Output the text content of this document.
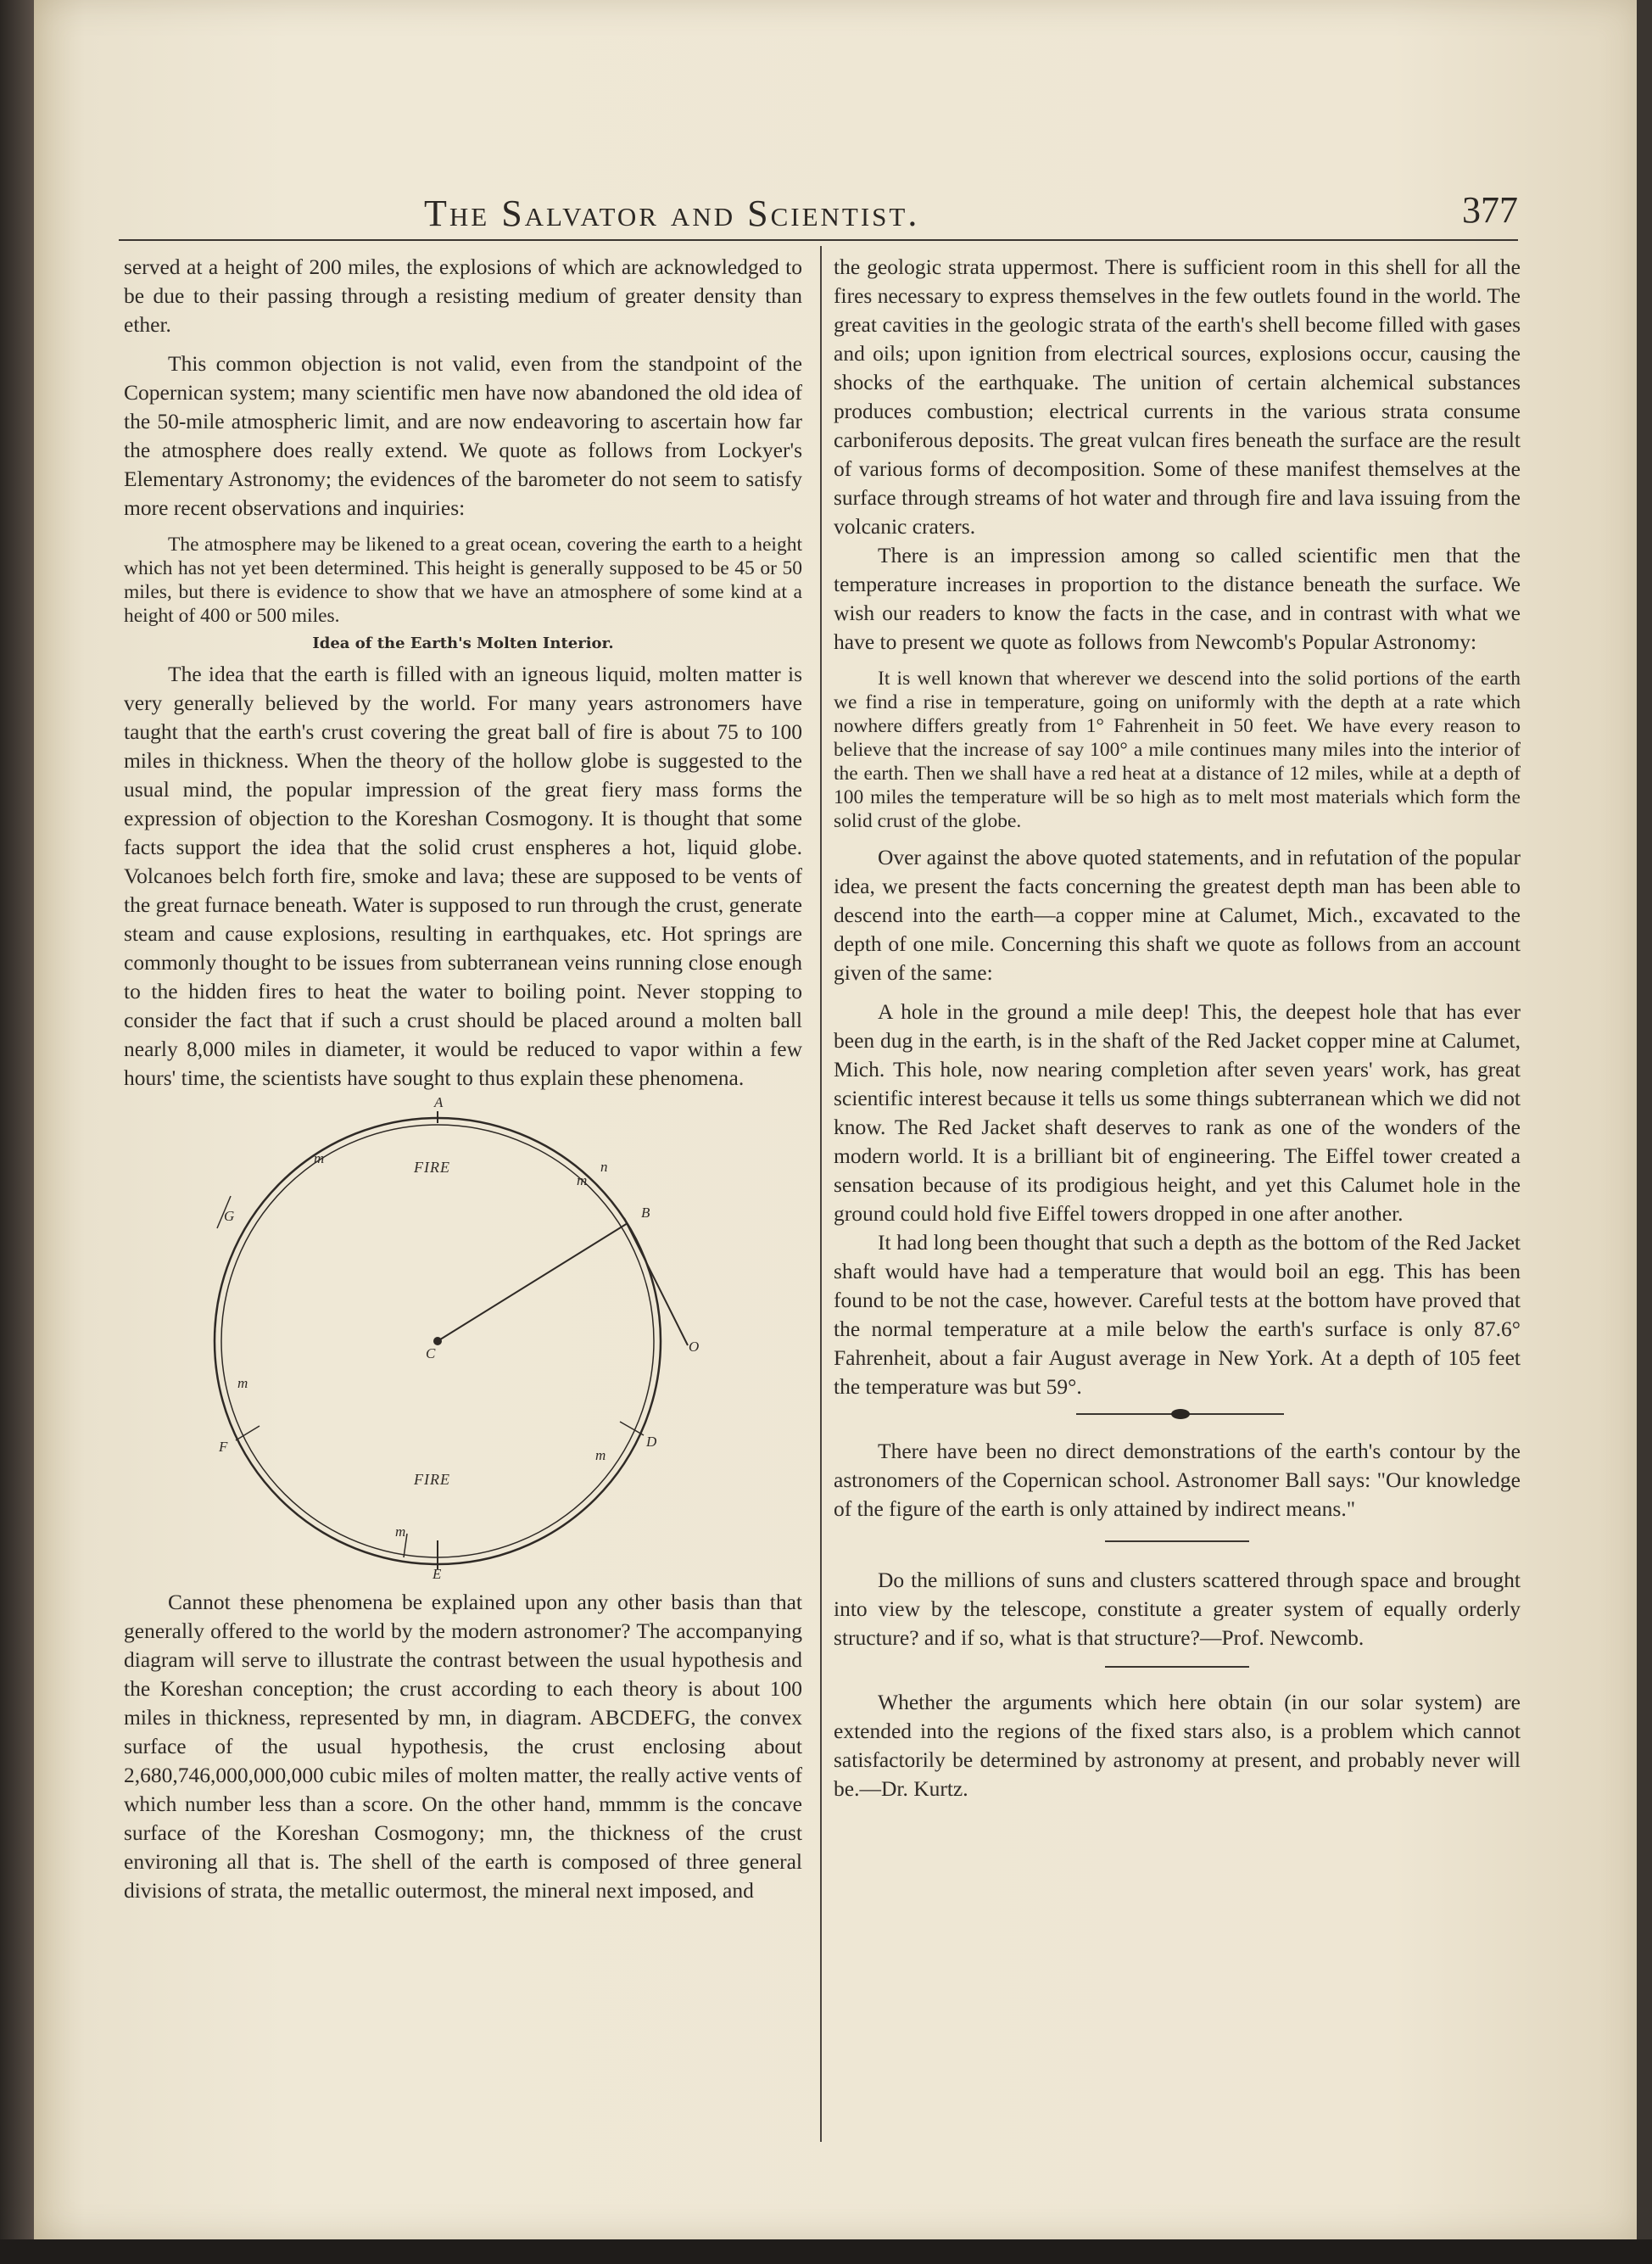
The Salvator and Scientist.	377

served at a height of 200 miles, the explosions of which are acknowledged to be due to their passing through a resisting medium of greater density than ether.

This common objection is not valid, even from the standpoint of the Copernican system; many scientific men have now abandoned the old idea of the 50-mile atmospheric limit, and are now endeavoring to ascertain how far the atmosphere does really extend. We quote as follows from Lockyer's Elementary Astronomy; the evidences of the barometer do not seem to satisfy more recent observations and inquiries:

The atmosphere may be likened to a great ocean, covering the earth to a height which has not yet been determined. This height is generally supposed to be 45 or 50 miles, but there is evidence to show that we have an atmosphere of some kind at a height of 400 or 500 miles.

Idea of the Earth's Molten Interior.

The idea that the earth is filled with an igneous liquid, molten matter is very generally believed by the world. For many years astronomers have taught that the earth's crust covering the great ball of fire is about 75 to 100 miles in thickness. When the theory of the hollow globe is suggested to the usual mind, the popular impression of the great fiery mass forms the expression of objection to the Koreshan Cosmogony. It is thought that some facts support the idea that the solid crust enspheres a hot, liquid globe. Volcanoes belch forth fire, smoke and lava; these are supposed to be vents of the great furnace beneath. Water is supposed to run through the crust, generate steam and cause explosions, resulting in earthquakes, etc. Hot springs are commonly thought to be issues from subterranean veins running close enough to the hidden fires to heat the water to boiling point. Never stopping to consider the fact that if such a crust should be placed around a molten ball nearly 8,000 miles in diameter, it would be reduced to vapor within a few hours' time, the scientists have sought to thus explain these phenomena.

A
B
C
D
E
F
G
O
m
n
m
m
m
m
FIRE
FIRE

Cannot these phenomena be explained upon any other basis than that generally offered to the world by the modern astronomer? The accompanying diagram will serve to illustrate the contrast between the usual hypothesis and the Koreshan conception; the crust according to each theory is about 100 miles in thickness, represented by mn, in diagram. ABCDEFG, the convex surface of the usual hypothesis, the crust enclosing about 2,680,746,000,000,000 cubic miles of molten matter, the really active vents of which number less than a score. On the other hand, mmmm is the concave surface of the Koreshan Cosmogony; mn, the thickness of the crust environing all that is. The shell of the earth is composed of three general divisions of strata, the metallic outermost, the mineral next imposed, and

the geologic strata uppermost. There is sufficient room in this shell for all the fires necessary to express themselves in the few outlets found in the world. The great cavities in the geologic strata of the earth's shell become filled with gases and oils; upon ignition from electrical sources, explosions occur, causing the shocks of the earthquake. The unition of certain alchemical substances produces combustion; electrical currents in the various strata consume carboniferous deposits. The great vulcan fires beneath the surface are the result of various forms of decomposition. Some of these manifest themselves at the surface through streams of hot water and through fire and lava issuing from the volcanic craters.

There is an impression among so called scientific men that the temperature increases in proportion to the distance beneath the surface. We wish our readers to know the facts in the case, and in contrast with what we have to present we quote as follows from Newcomb's Popular Astronomy:

It is well known that wherever we descend into the solid portions of the earth we find a rise in temperature, going on uniformly with the depth at a rate which nowhere differs greatly from 1° Fahrenheit in 50 feet. We have every reason to believe that the increase of say 100° a mile continues many miles into the interior of the earth. Then we shall have a red heat at a distance of 12 miles, while at a depth of 100 miles the temperature will be so high as to melt most materials which form the solid crust of the globe.

Over against the above quoted statements, and in refutation of the popular idea, we present the facts concerning the greatest depth man has been able to descend into the earth—a copper mine at Calumet, Mich., excavated to the depth of one mile. Concerning this shaft we quote as follows from an account given of the same:

A hole in the ground a mile deep! This, the deepest hole that has ever been dug in the earth, is in the shaft of the Red Jacket copper mine at Calumet, Mich. This hole, now nearing completion after seven years' work, has great scientific interest because it tells us some things subterranean which we did not know. The Red Jacket shaft deserves to rank as one of the wonders of the modern world. It is a brilliant bit of engineering. The Eiffel tower created a sensation because of its prodigious height, and yet this Calumet hole in the ground could hold five Eiffel towers dropped in one after another.

It had long been thought that such a depth as the bottom of the Red Jacket shaft would have had a temperature that would boil an egg. This has been found to be not the case, however. Careful tests at the bottom have proved that the normal temperature at a mile below the earth's surface is only 87.6° Fahrenheit, about a fair August average in New York. At a depth of 105 feet the temperature was but 59°.

There have been no direct demonstrations of the earth's contour by the astronomers of the Copernican school. Astronomer Ball says: "Our knowledge of the figure of the earth is only attained by indirect means."

Do the millions of suns and clusters scattered through space and brought into view by the telescope, constitute a greater system of equally orderly structure? and if so, what is that structure?—Prof. Newcomb.

Whether the arguments which here obtain (in our solar system) are extended into the regions of the fixed stars also, is a problem which cannot satisfactorily be determined by astronomy at present, and probably never will be.—Dr. Kurtz.
